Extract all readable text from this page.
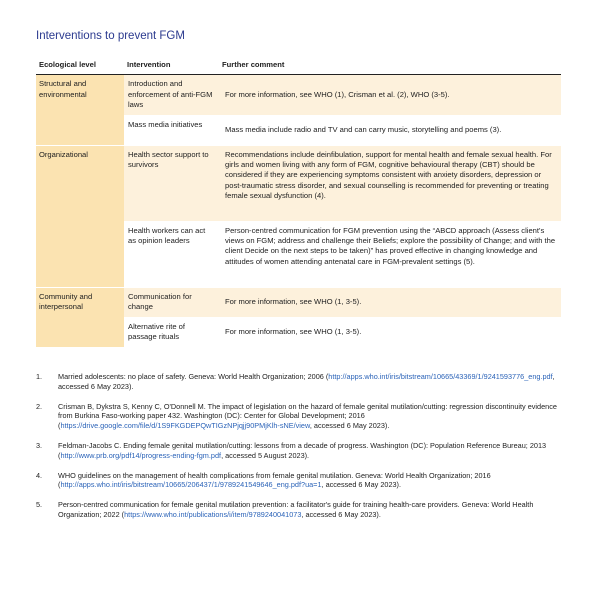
Interventions to prevent FGM
Ecological level	Intervention	Further comment
Structural and environmental	Introduction and enforcement of anti-FGM laws	For more information, see WHO (1), Crisman et al. (2), WHO (3-5).
	Mass media initiatives	Mass media include radio and TV and can carry music, storytelling and poems (3).
Organizational	Health sector support to survivors	Recommendations include deinfibulation, support for mental health and female sexual health. For girls and women living with any form of FGM, cognitive behavioural therapy (CBT) should be considered if they are experiencing symptoms consistent with anxiety disorders, depression or post-traumatic stress disorder, and sexual counselling is recommended for preventing or treating female sexual dysfunction (4).
	Health workers can act as opinion leaders	Person-centred communication for FGM prevention using the “ABCD approach (Assess client's views on FGM; address and challenge their Beliefs; explore the possibility of Change; and with the client Decide on the next steps to be taken)” has proved effective in changing knowledge and attitudes of women attending antenatal care in FGM-prevalent settings (5).
Community and interpersonal	Communication for change	For more information, see WHO (1, 3-5).
	Alternative rite of passage rituals	For more information, see WHO (1, 3-5).
1.	Married adolescents: no place of safety. Geneva: World Health Organization; 2006 (http://apps.who.int/iris/bitstream/10665/43369/1/9241593776_eng.pdf, accessed 6 May 2023).
2.	Crisman B, Dykstra S, Kenny C, O'Donnell M. The impact of legislation on the hazard of female genital mutilation/cutting: regression discontinuity evidence from Burkina Faso-working paper 432. Washington (DC): Center for Global Development; 2016 (https://drive.google.com/file/d/1S9FKGDEPQwTIGzNPjqjj90PMjKlh-sNE/view, accessed 6 May 2023).
3.	Feldman-Jacobs C. Ending female genital mutilation/cutting: lessons from a decade of progress. Washington (DC): Population Reference Bureau; 2013 (http://www.prb.org/pdf14/progress-ending-fgm.pdf, accessed 5 August 2023).
4.	WHO guidelines on the management of health complications from female genital mutilation. Geneva: World Health Organization; 2016 (http://apps.who.int/iris/bitstream/10665/206437/1/9789241549646_eng.pdf?ua=1, accessed 6 May 2023).
5.	Person-centred communication for female genital mutilation prevention: a facilitator's guide for training health-care providers. Geneva: World Health Organization; 2022 (https://www.who.int/publications/i/item/9789240041073, accessed 6 May 2023).
